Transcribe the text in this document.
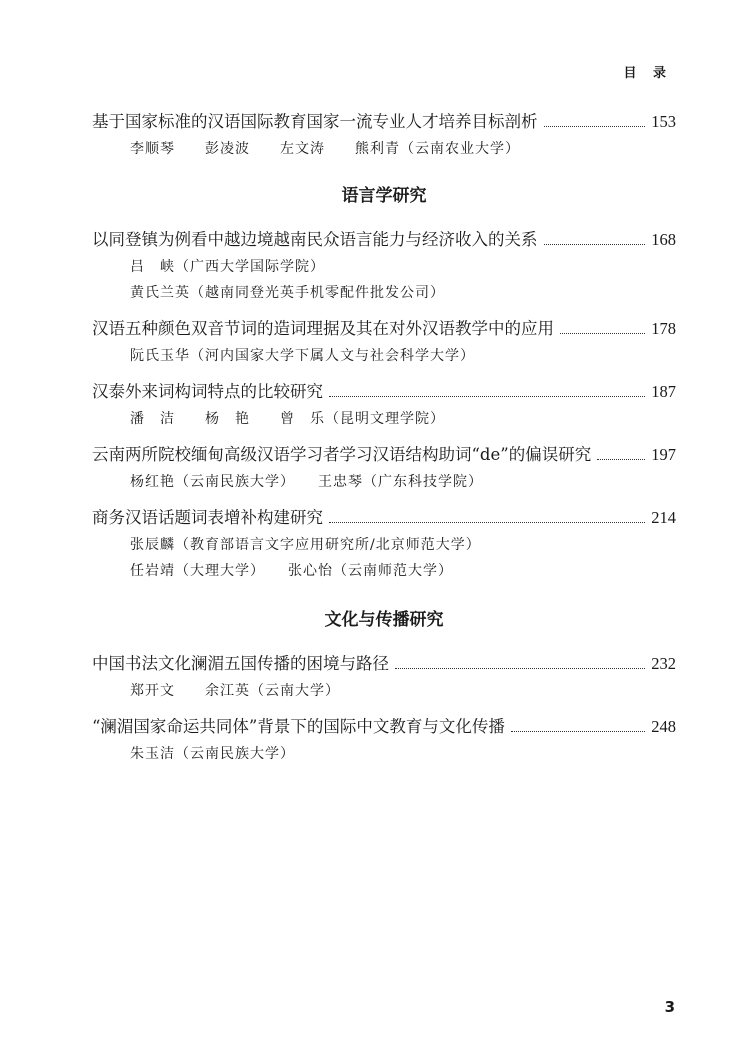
目 录
基于国家标准的汉语国际教育国家一流专业人才培养目标剖析	153
李顺琴　　彭凌波　　左文涛　　熊利青（云南农业大学）
语言学研究
以同登镇为例看中越边境越南民众语言能力与经济收入的关系	168
吕　峡（广西大学国际学院）
黄氏兰英（越南同登光英手机零配件批发公司）
汉语五种颜色双音节词的造词理据及其在对外汉语教学中的应用	178
阮氏玉华（河内国家大学下属人文与社会科学大学）
汉泰外来词构词特点的比较研究	187
潘　洁　　杨　艳　　曾　乐（昆明文理学院）
云南两所院校缅甸高级汉语学习者学习汉语结构助词“de”的偏误研究	197
杨红艳（云南民族大学）　　王忠琴（广东科技学院）
商务汉语话题词表增补构建研究	214
张辰麟（教育部语言文字应用研究所/北京师范大学）
任岩靖（大理大学）　　张心怡（云南师范大学）
文化与传播研究
中国书法文化澜湄五国传播的困境与路径	232
郑开文　　余江英（云南大学）
“澜湄国家命运共同体”背景下的国际中文教育与文化传播	248
朱玉洁（云南民族大学）
3
